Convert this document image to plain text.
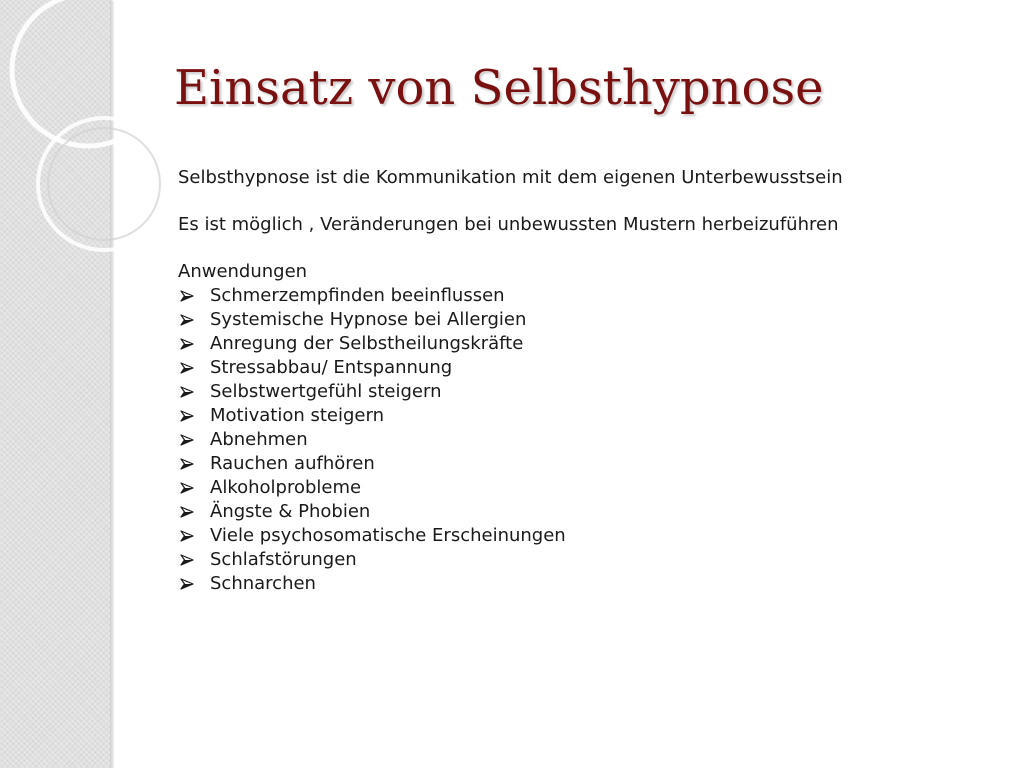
Einsatz von Selbsthypnose

Selbsthypnose ist die Kommunikation mit dem eigenen Unterbewusstsein

Es ist möglich , Veränderungen bei unbewussten Mustern herbeizuführen

Anwendungen

Schmerzempfinden beeinflussen
Systemische Hypnose bei Allergien
Anregung der Selbstheilungskräfte
Stressabbau/ Entspannung
Selbstwertgefühl steigern
Motivation steigern
Abnehmen
Rauchen aufhören
Alkoholprobleme
Ängste & Phobien
Viele psychosomatische Erscheinungen
Schlafstörungen
Schnarchen
